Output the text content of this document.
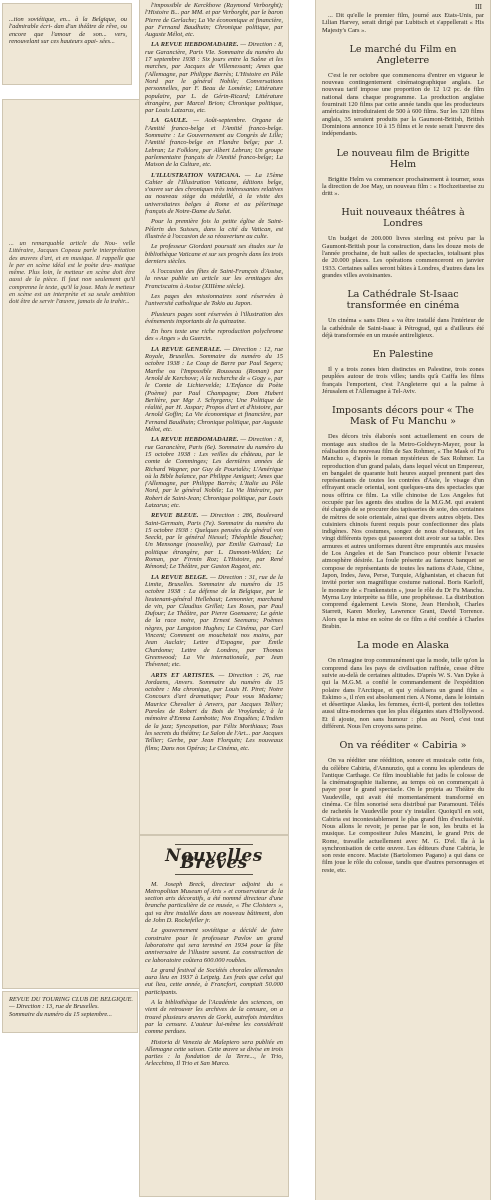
...tion soviétique, en... à la Belgique, ou l'admirable écri- dan d'un théâtre de rêve, ou encore que l'amour de son... vers, renouvelant sur ces hauteurs apai- sées...
... un remarquable article du Nou- velle Littéraire, Jacques Copeau parle interprétation des œuvres d'art, et en musique. Il rappelle que le per en scène idéal est le poète dra- matique même. Plus loin, le metteur en scène doit être aussi de la pièce. Il faut non seulement qu'il comprenne le texte, qu'il la joue. Mais le metteur en scène est un interprète et sa seule ambition doit être de servir l'œuvre, jamais de la trahir...
REVUE DU TOURING CLUB DE BELGIQUE. — Direction : 13, rue de Bruxelles.
Sommaire du numéro du 15 septembre...

l'impossible de Kerckhove (Raymond Verborght); l'Histoire B... par MM. et par Verborght, par le baron Pierre de Gerlache; La Vie économique et financière, par Fernand Baudhuin; Chronique politique, par Auguste Mélot, etc.

LA REVUE HEBDOMADAIRE. — Direction : 8, rue Garancière, Paris VIe. Sommaire du numéro du 17 septembre 1938 : Six jours entre la Saône et les marches, par Jacques de Villemessant; Ames que j'Allemagne, par Philippe Barrès; L'Histoire en Pâle Nord par le général Nobile; Conversations personnelles, par F. Beau de Loménie; Littérature populaire, par L. de Gérin-Ricard; Littérature étrangère, par Marcel Brion; Chronique politique, par Louis Latzarus, etc.

LA GAULE. — Août-septembre. Organe de l'Amitié franco-belge et l'Amitié franco-belge. Sommaire : Le Gouvernement au Congrès de Lille; l'Amitié franco-belge en Flandre belge; par J. Lebrun; Le Folklore, par Albert Lebrun; Un groupe parlementaire français de l'Amitié franco-belge; La Maison de la Culture, etc.

L'ILLUSTRATION VATICANA. — La 15ème Cahier de l'Illustration Vaticane, éditions belge, s'ouvre sur des chroniques très intéressantes relatives au nouveau siège du médaillé, à la visite des universitaires belges à Rome et au pèlerinage français de Notre-Dame du Salut.

Pour la première fois la petite église de Saint-Pèlerin des Suisses, dans la cité du Vatican, est illustrée à l'occasion de sa réouverture au culte.

Le professeur Giordani poursuit ses études sur la bibliothèque Vaticane et sur ses progrès dans les trois derniers siècles.

A l'occasion des fêtes de Saint-François d'Assise, la revue publie un article sur les ermitages des Franciscains à Assise (XIIIème siècle).

Les pages des missionnaires sont réservées à l'université catholique de Tokio au Japon.

Plusieurs pages sont réservées à l'illustration des événements importants de la quinzaine.

En hors texte une riche reproduction polychrome des « Anges » du Guercin.

LA REVUE GENERALE. — Direction : 12, rue Royale, Bruxelles. Sommaire du numéro du 15 octobre 1938 : Le Coup de Barre par Paul Segers; Marthe ou l'Impossible Rousseau (Roman) par Arnold de Kerchove; A la recherche de « Gogy », par le Comte de Lichtervelde; L'Enfance du Poète (Poème) par Paul Champagne; Dom Hubert Berlière, par Mgr J. Schyrgens; Une Politique de réalité, par H. Jaspar; Propos d'art et d'histoire, par Arnold Goffin; La Vie économique et financière, par Fernand Baudhuin; Chronique politique, par Auguste Mélot, etc.

LA REVUE HEBDOMADAIRE. — Direction : 8, rue Garancière, Paris (6e). Sommaire du numéro du 15 octobre 1938 : Les veilles du château, par le comte de Comminges; Les dernières années de Richard Wagner, par Guy de Pourtalès; L'Amérique où la Bible balance, par Philippe Amiguet; Ames que j'Allemagne, par Philippe Barrès; L'Italie au Pôle Nord, par le général Nobile; La Vie littéraire, par Robert de Saint-Jean; Chronique politique, par Louis Latzarus; etc.

REVUE BLEUE. — Direction : 286, Boulevard Saint-Germain, Paris (7e). Sommaire du numéro du 15 octobre 1938 : Quelques pensées du général von Seeckt, par le général Niessel; Théophile Bouchet; Un Mensonge (nouvelle), par Emilie Guiraud; La politique étrangère, par L. Dumont-Wilden; Le Roman, par Firmin Roz; L'Histoire, par René Rémond; Le Théâtre, par Gaston Rageot, etc.

LA REVUE BELGE. — Direction : 31, rue de la Limite, Bruxelles. Sommaire du numéro du 15 octobre 1938 : La défense de la Belgique, par le lieutenant-général Hellebaut; Lemonnier, marchand de vin, par Claudius Grillet; Les Roses, par Paul Dufour; Le Théâtre, par Pierre Goemaere; Le génie de la race noire, par Ernest Seemans; Poèmes nègres, par Langston Hughes; Le Cinéma, par Carl Vincent; Comment on mouchetait nos mains, par Jean Auclair; Lettre d'Espagne, par Émile Chardome; Lettre de Londres, par Thomas Greenwood; La Vie internationale, par Jean Thévenet; etc.

ARTS ET ARTISTES. — Direction : 26, rue Jordaens, Anvers. Sommaire du numéro du 15 octobre : Ma chronique, par Louis H. Piret; Notre Concours d'art dramatique; Pour vous Madame; Maurice Chevalier à Anvers, par Jacques Tellier; Paroles de Robert du Bois de Vroylande; à la mémoire d'Emma Lambotte; Nos Enquêtes; L'Indien de la jazz; Syncopation, par Félix Morthiaux; Tous les secrets du théâtre; Le Salon de l'Art... par Jacques Tellier; Gerbe, par Jean Florquin; Les nouveaux films; Dans nos Opéras; Le Cinéma, etc.

Nouvelles Brèves

M. Joseph Breck, directeur adjoint du « Metropolitan Museum of Arts » et conservateur de la section arts décoratifs, a été nommé directeur d'une branche particulière de ce musée, « The Cloisters », qui va être installée dans un nouveau bâtiment, don de John D. Rockefeller jr.

Le gouvernement soviétique a décidé de faire construire pour le professeur Pavlov un grand laboratoire qui sera terminé en 1934 pour la fête anniversaire de l'illustre savant. La construction de ce laboratoire coûtera 600.000 roubles.

Le grand festival de Sociétés chorales allemandes aura lieu en 1937 à Leipzig. Les frais que celui qui eut lieu, cette année, à Francfort, comptait 50.000 participants.

A la bibliothèque de l'Académie des sciences, on vient de retrouver les archives de la censure, on a trouvé plusieurs œuvres de Gorki, autrefois interdites par la censure. L'auteur lui-même les considérait comme perdues.

Historia di Venezia de Malepiero sera publiée en Allemagne cette saison. Cette œuvre se divise en trois parties : la fondation de la Terre..., le Trio, Arlecchino, Il Trio et San Marco.

III

... Dit qu'elle le premier film, journé aux Etats-Unis, par Lilian Harvey, serait dirigé par Lubitsch et s'appellerait « His Majesty's Cars ».

Le marché du Film en Angleterre

C'est le rer octobre que commencera d'entrer en vigueur le nouveau contingentement cinématographique anglais. Le nouveau tarif impose une proportion de 12 1/2 pc. de film national dans chaque programme. La production anglaise fournirait 120 films par cette année tandis que les producteurs américains introduiraient de 500 à 600 films. Sur les 120 films anglais, 35 seraient produits par la Gaumont-British, British Dominions annonce 10 à 15 films et le reste serait l'œuvre des indépendants.

Le nouveau film de Brigitte Helm

Brigitte Helm va commencer prochainement à tourner, sous la direction de Joe May, un nouveau film : « Hochzeitsreise zu dritt ».

Huit nouveaux théâtres à Londres

Un budget de 200.000 livres sterling est prévu par la Gaumont-British pour la construction, dans les douze mois de l'année prochaine, de huit salles de spectacles, totalisant plus de 20.000 places. Les opérations commenceront en janvier 1933. Certaines salles seront bâties à Londres, d'autres dans les grandes villes avoisinantes.

La Cathédrale St-Isaac transformée en cinéma

Un cinéma « sans Dieu » va être installé dans l'intérieur de la cathédrale de Saint-Isaac à Pétrograd, qui a d'ailleurs été déjà transformée en un musée antireligieux.

En Palestine

Il y a trois zones bien distinctes en Palestine, trois zones peuplées autour de trois villes; tandis qu'à Caiffa les films français l'emportent, c'est l'Angleterre qui a la palme à Jérusalem et l'Allemagne à Tel-Aviv.

Imposants décors pour « The Mask of Fu Manchu »

Des décors très élaborés sont actuellement en cours de montage aux studios de la Metro-Goldwyn-Mayer, pour la réalisation du nouveau film de Sax Rohmer, « The Mask of Fu Manchu », d'après le roman mystérieux de Sax Rohmer. La reproduction d'un grand palais, dans lequel vécut un Empereur, en bangalet de quarante huit heures auquel prennent part des représentants de toutes les contrées d'Asie, le visage d'un effrayant oracle oriental, sont quelques-uns des spectacles que nous offrira ce film. La ville chinoise de Los Angeles fut occupée par les agents des studios de la M.G.M. qui avaient été chargés de se procurer des tapisseries de soie, des centaines de mètres de soie orientale, ainsi que divers autres objets. Des cuisiniers chinois furent requis pour confectionner des plats indigènes. Nos costumes, songez de nous d'oiseaux, et les vingt différents types qui passeront doit avoir sur sa table. Des armures et autres uniformes durent être empruntés aux musées de Los Angeles et de San Francisco pour obtenir l'exacte atmosphère désirée. La foule présente au fameux banquet se compose de représentants de toutes les nations d'Asie, Chine, Japon, Indes, Java, Perse, Turquie, Afghanistan, et chacun fut invité porter son magnifique costume national. Boris Karloff, le monstre de « Frankenstein », joue le rôle du Dr Fu Manchu. Myrna Loy interprète sa fille, une prophétesse. La distribution comprend également Lewis Stone, Jean Hersholt, Charles Starrett, Karen Morley, Lawrence Grant, David Torrence. Alors que la mise en scène de ce film a été confiée à Charles Brabin.

La mode en Alaska

On n'imagine trop communément que la mode, telle qu'on la comprend dans les pays de civilisation raffinée, cesse d'être suivie au-delà de certaines altitudes. D'après W. S. Van Dyke à qui la M.G.M. a confié le commandement de l'expédition polaire dans l'Arctique, et qui y réalisera un grand film « Eskimo », il n'en est absolument rien. A Nome, dans le lointain et désertique Alaska, les femmes, écrit-il, portent des toilettes aussi ultra-modernes que les plus élégantes stars d'Hollywood. Et il ajoute, non sans humour : plus au Nord, c'est tout différent. Nous l'en croyons sans peine.

On va rééditer « Cabiria »

On va rééditer une réédition, sonore et musicale cette fois, du célèbre Cabiria, d'Annunzio, qui a connu les splendeurs de l'antique Carthage. Ce film inoubliable fut jadis le colosse de la cinématographie italienne, au temps où on commençait à payer pour le grand spectacle. On le projeta au Théâtre du Vaudeville, qui avait été momentanément transformé en cinéma. Ce film sonorisé sera distribué par Paramount. Télés de rachetés le Vaudeville pour s'y installer. Quoiqu'il en soit, Cabiria est incontestablement le plus grand film d'exclusivité. Nous allons le revoir, je pense par le son, les bruits et la musique. Le compositeur Jules Manzini, le grand Prix de Rome, travaille actuellement avec M. G. D'el. Ila à la synchronisation de cette œuvre. Les éditeurs d'une Cabiria, le son reste encore. Maciste (Bartolomeo Pagano) a qui dans ce film joue le rôle du colosse, tandis que d'autres personnages et reste, etc.
